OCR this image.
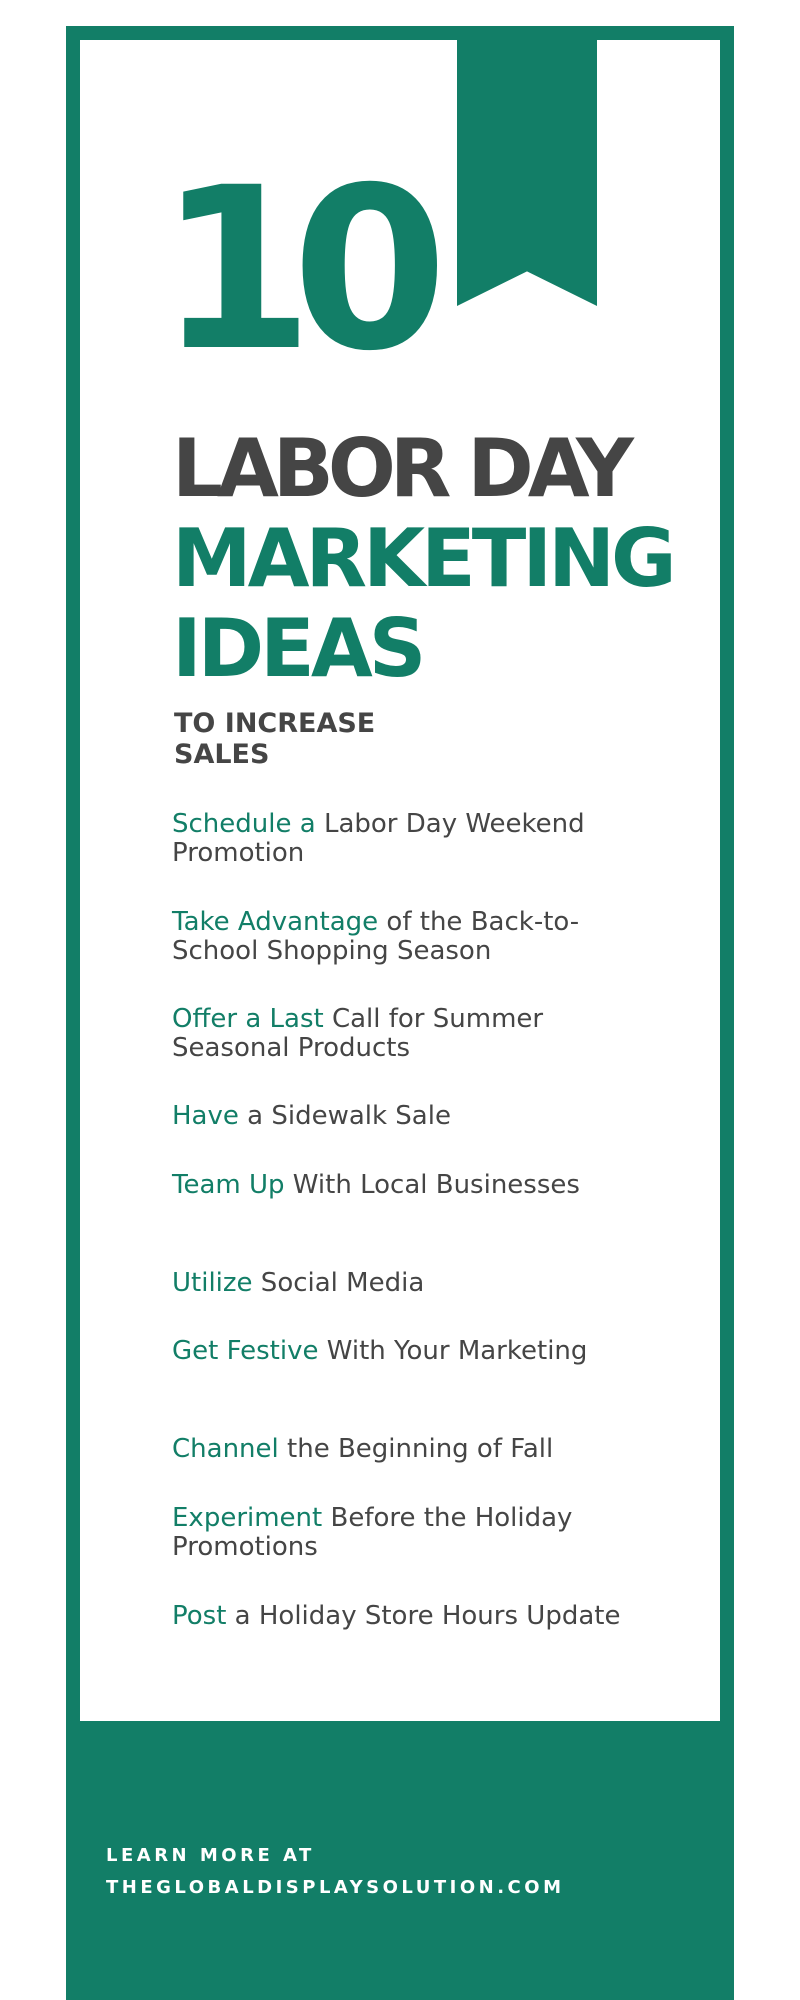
10
LABOR DAY
MARKETING
IDEAS

TO INCREASE
SALES

Schedule a Labor Day Weekend Promotion
Take Advantage of the Back-to-School Shopping Season
Offer a Last Call for Summer Seasonal Products
Have a Sidewalk Sale
Team Up With Local Businesses
Utilize Social Media
Get Festive With Your Marketing
Channel the Beginning of Fall
Experiment Before the Holiday Promotions
Post a Holiday Store Hours Update
LEARN MORE AT
THEGLOBALDISPLAYSOLUTION.COM
